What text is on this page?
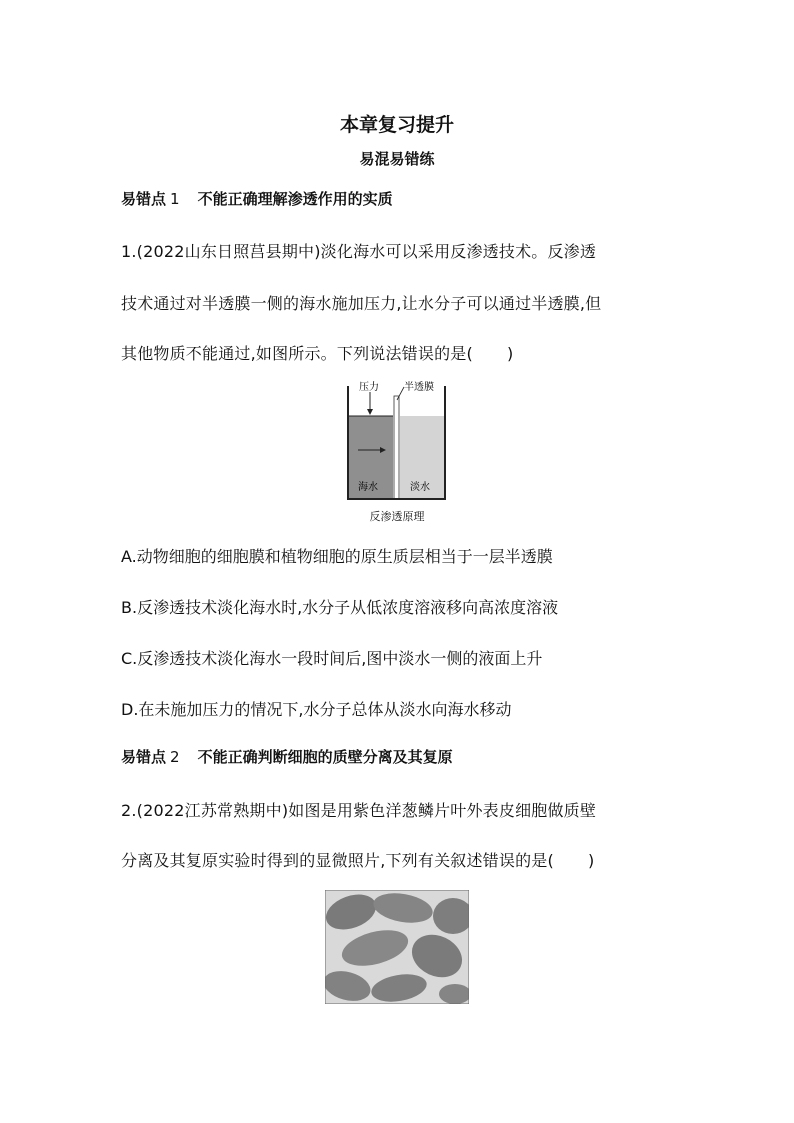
本章复习提升
易混易错练
易错点 1 不能正确理解渗透作用的实质
1.(2022山东日照莒县期中)淡化海水可以采用反渗透技术。反渗透
技术通过对半透膜一侧的海水施加压力,让水分子可以通过半透膜,但
其他物质不能通过,如图所示。下列说法错误的是( )
压力	半透膜
海水	淡水
反渗透原理
A.动物细胞的细胞膜和植物细胞的原生质层相当于一层半透膜
B.反渗透技术淡化海水时,水分子从低浓度溶液移向高浓度溶液
C.反渗透技术淡化海水一段时间后,图中淡水一侧的液面上升
D.在未施加压力的情况下,水分子总体从淡水向海水移动
易错点 2 不能正确判断细胞的质壁分离及其复原
2.(2022江苏常熟期中)如图是用紫色洋葱鳞片叶外表皮细胞做质壁
分离及其复原实验时得到的显微照片,下列有关叙述错误的是( )
